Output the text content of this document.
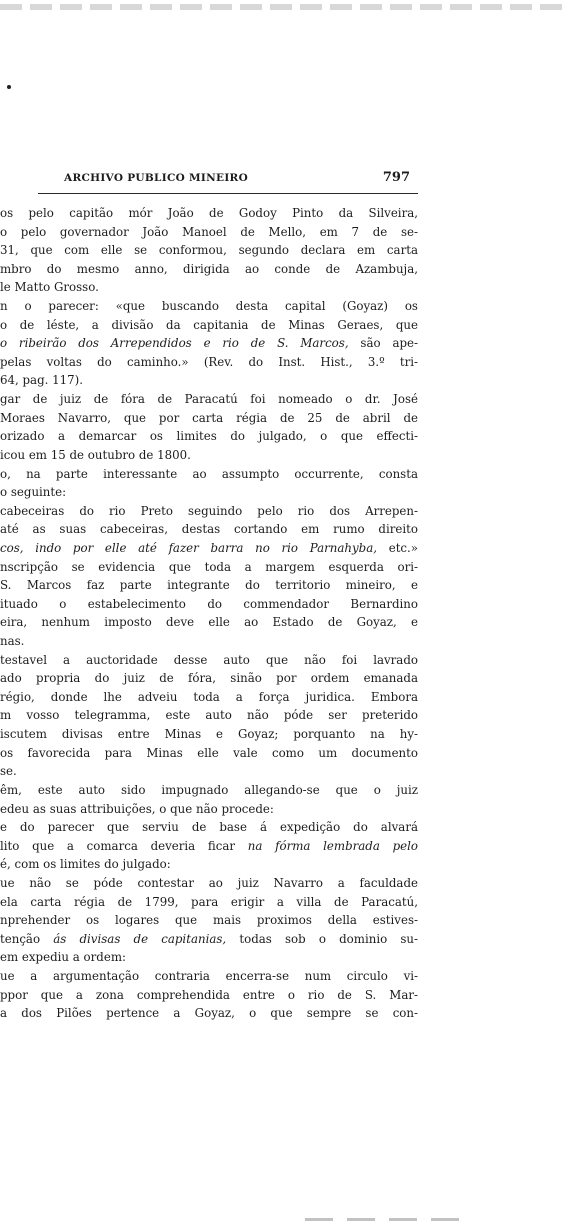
ARCHIVO PUBLICO MINEIRO	797
os pelo capitão mór João de Godoy Pinto da Silveira,
o pelo governador João Manoel de Mello, em 7 de se-
31, que com elle se conformou, segundo declara em carta
mbro do mesmo anno, dirigida ao conde de Azambuja,
le Matto Grosso.
n o parecer: «que buscando desta capital (Goyaz) os
o de léste, a divisão da capitania de Minas Geraes, que
o ribeirão dos Arrependidos e rio de S. Marcos, são ape-
pelas voltas do caminho.» (Rev. do Inst. Hist., 3.º tri-
64, pag. 117).
gar de juiz de fóra de Paracatú foi nomeado o dr. José
Moraes Navarro, que por carta régia de 25 de abril de
orizado a demarcar os limites do julgado, o que effecti-
icou em 15 de outubro de 1800.
o, na parte interessante ao assumpto occurrente, consta
o seguinte:
cabeceiras do rio Preto seguindo pelo rio dos Arrepen-
até as suas cabeceiras, destas cortando em rumo direito
cos, indo por elle até fazer barra no rio Parnahyba, etc.»
nscripção se evidencia que toda a margem esquerda ori-
S. Marcos faz parte integrante do territorio mineiro, e
ituado o estabelecimento do commendador Bernardino
eira, nenhum imposto deve elle ao Estado de Goyaz, e
nas.
testavel a auctoridade desse auto que não foi lavrado
ado propria do juiz de fóra, sinão por ordem emanada
régio, donde lhe adveiu toda a força juridica. Embora
m vosso telegramma, este auto não póde ser preterido
iscutem divisas entre Minas e Goyaz; porquanto na hy-
os favorecida para Minas elle vale como um documento
se.
êm, este auto sido impugnado allegando-se que o juiz
edeu as suas attribuições, o que não procede:
e do parecer que serviu de base á expedição do alvará
lito que a comarca deveria ficar na fórma lembrada pelo
é, com os limites do julgado:
ue não se póde contestar ao juiz Navarro a faculdade
ela carta régia de 1799, para erigir a villa de Paracatú,
nprehender os logares que mais proximos della estives-
tenção ás divisas de capitanias, todas sob o dominio su-
em expediu a ordem:
ue a argumentação contraria encerra-se num circulo vi-
ppor que a zona comprehendida entre o rio de S. Mar-
a dos Pilões pertence a Goyaz, o que sempre se con-
